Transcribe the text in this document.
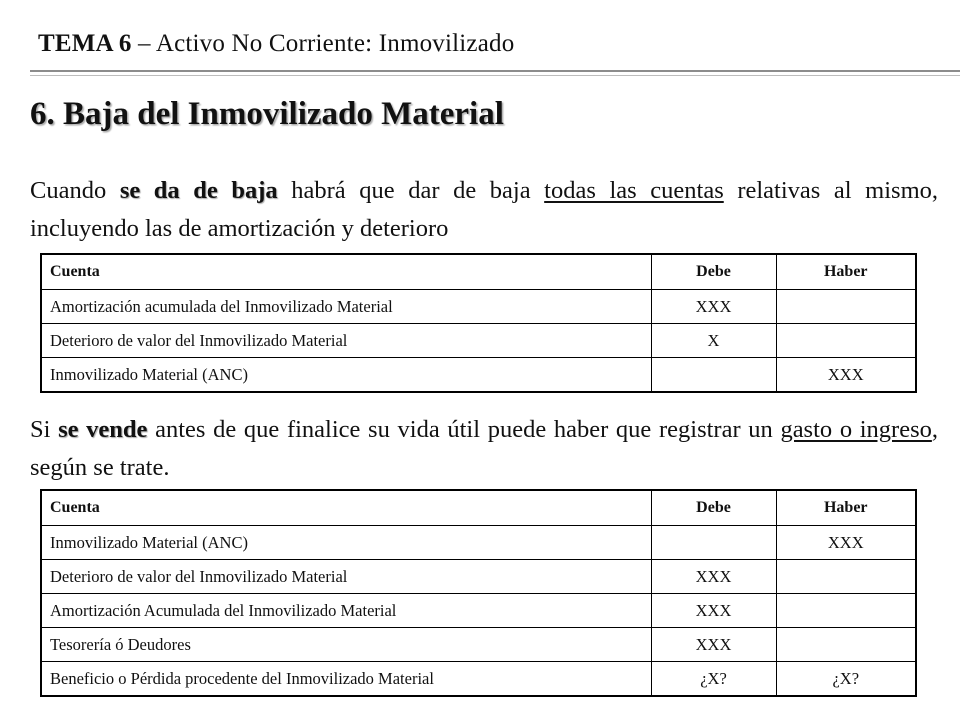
TEMA 6 – Activo No Corriente: Inmovilizado
6. Baja del Inmovilizado Material

Cuando se da de baja habrá que dar de baja todas las cuentas relativas al mismo, incluyendo las de amortización y deterioro

Cuenta	Debe	Haber
Amortización acumulada del Inmovilizado Material	XXX	
Deterioro de valor del Inmovilizado Material	X	
Inmovilizado Material (ANC)		XXX

Si se vende antes de que finalice su vida útil puede haber que registrar un gasto o ingreso, según se trate.

Cuenta	Debe	Haber
Inmovilizado Material (ANC)		XXX
Deterioro de valor del Inmovilizado Material	XXX	
Amortización Acumulada del Inmovilizado Material	XXX	
Tesorería ó Deudores	XXX	
Beneficio o Pérdida procedente del Inmovilizado Material	¿X?	¿X?
